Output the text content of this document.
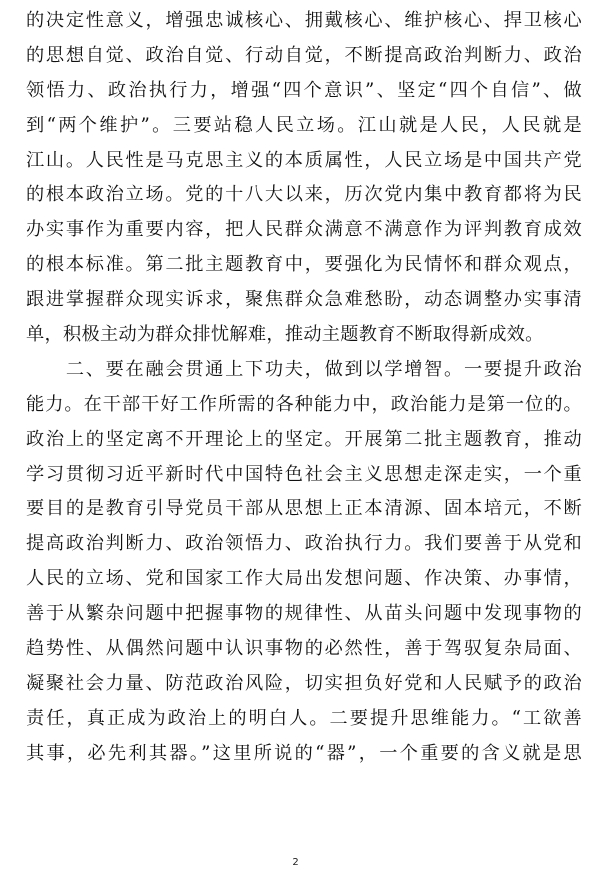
的决定性意义，增强忠诚核心、拥戴核心、维护核心、捍卫核心
的思想自觉、政治自觉、行动自觉，不断提高政治判断力、政治
领悟力、政治执行力，增强“四个意识”、坚定“四个自信”、做
到“两个维护”。三要站稳人民立场。江山就是人民，人民就是
江山。人民性是马克思主义的本质属性，人民立场是中国共产党
的根本政治立场。党的十八大以来，历次党内集中教育都将为民
办实事作为重要内容，把人民群众满意不满意作为评判教育成效
的根本标准。第二批主题教育中，要强化为民情怀和群众观点，
跟进掌握群众现实诉求，聚焦群众急难愁盼，动态调整办实事清
单，积极主动为群众排忧解难，推动主题教育不断取得新成效。
　　二、要在融会贯通上下功夫，做到以学增智。一要提升政治
能力。在干部干好工作所需的各种能力中，政治能力是第一位的。
政治上的坚定离不开理论上的坚定。开展第二批主题教育，推动
学习贯彻习近平新时代中国特色社会主义思想走深走实，一个重
要目的是教育引导党员干部从思想上正本清源、固本培元，不断
提高政治判断力、政治领悟力、政治执行力。我们要善于从党和
人民的立场、党和国家工作大局出发想问题、作决策、办事情，
善于从繁杂问题中把握事物的规律性、从苗头问题中发现事物的
趋势性、从偶然问题中认识事物的必然性，善于驾驭复杂局面、
凝聚社会力量、防范政治风险，切实担负好党和人民赋予的政治
责任，真正成为政治上的明白人。二要提升思维能力。“工欲善
其事，必先利其器。”这里所说的“器”，一个重要的含义就是思
2
